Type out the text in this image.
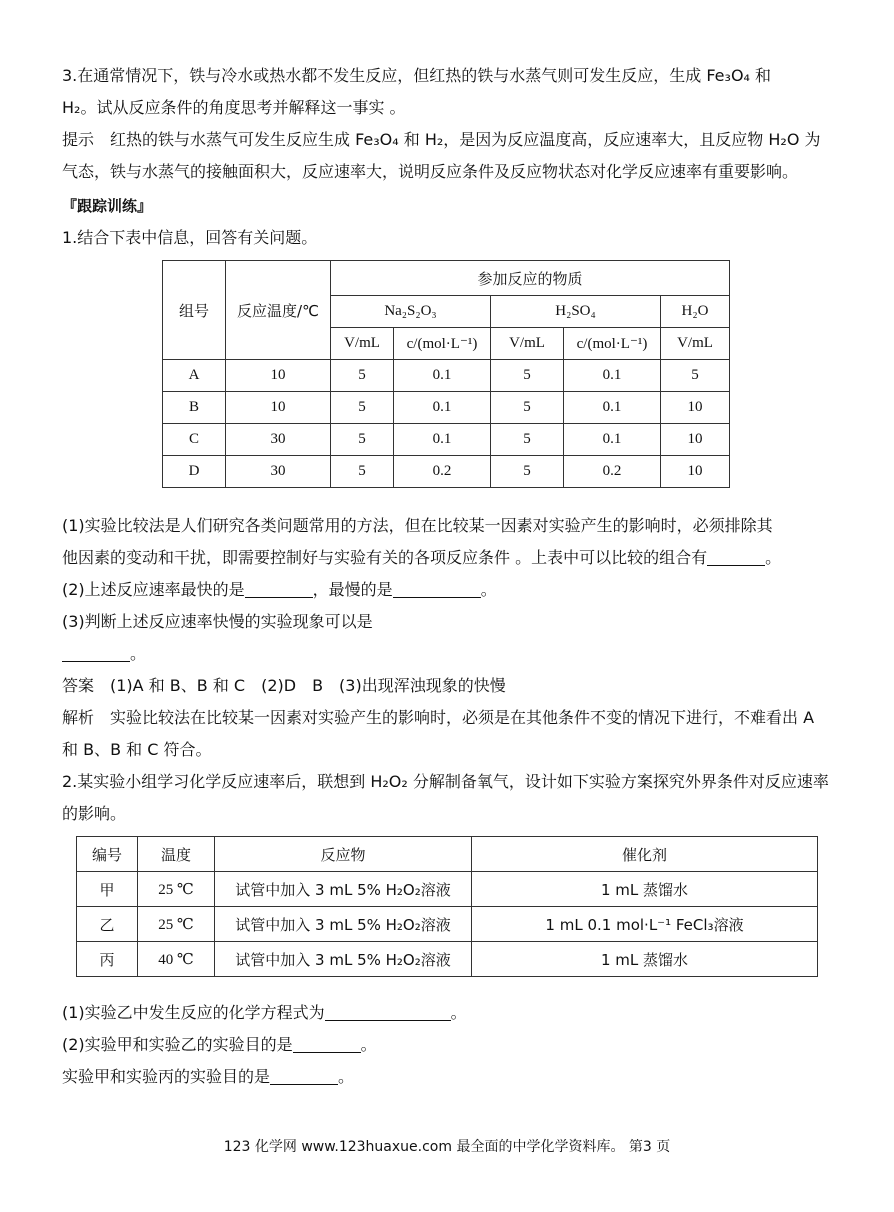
3.在通常情况下，铁与冷水或热水都不发生反应，但红热的铁与水蒸气则可发生反应，生成 Fe₃O₄ 和

H₂。试从反应条件的角度思考并解释这一事实 。

提示　红热的铁与水蒸气可发生反应生成 Fe₃O₄ 和 H₂，是因为反应温度高，反应速率大，且反应物 H₂O 为气态，铁与水蒸气的接触面积大，反应速率大，说明反应条件及反应物状态对化学反应速率有重要影响。

『跟踪训练』

1.结合下表中信息，回答有关问题。

组号	反应温度/℃	参加反应的物质				
		Na₂S₂O₃		H₂SO₄		H₂O
		V/mL	c/(mol·L⁻¹)	V/mL	c/(mol·L⁻¹)	V/mL
A	10	5	0.1	5	0.1	5
B	10	5	0.1	5	0.1	10
C	30	5	0.1	5	0.1	10
D	30	5	0.2	5	0.2	10

(1)实验比较法是人们研究各类问题常用的方法，但在比较某一因素对实验产生的影响时，必须排除其

他因素的变动和干扰，即需要控制好与实验有关的各项反应条件 。上表中可以比较的组合有	。

(2)上述反应速率最快的是	，最慢的是	。

(3)判断上述反应速率快慢的实验现象可以是

。

答案　(1)A 和 B、B 和 C　(2)D　B　(3)出现浑浊现象的快慢

解析　实验比较法在比较某一因素对实验产生的影响时，必须是在其他条件不变的情况下进行，不难看出 A 和 B、B 和 C 符合。

2.某实验小组学习化学反应速率后，联想到 H₂O₂ 分解制备氧气，设计如下实验方案探究外界条件对反应速率的影响。

编号	温度	反应物	催化剂
甲	25 ℃	试管中加入 3 mL 5% H₂O₂溶液	1 mL 蒸馏水
乙	25 ℃	试管中加入 3 mL 5% H₂O₂溶液	1 mL 0.1 mol·L⁻¹ FeCl₃溶液
丙	40 ℃	试管中加入 3 mL 5% H₂O₂溶液	1 mL 蒸馏水

(1)实验乙中发生反应的化学方程式为	。

(2)实验甲和实验乙的实验目的是	。

实验甲和实验丙的实验目的是	。

123 化学网 www.123huaxue.com 最全面的中学化学资料库。 第3 页
